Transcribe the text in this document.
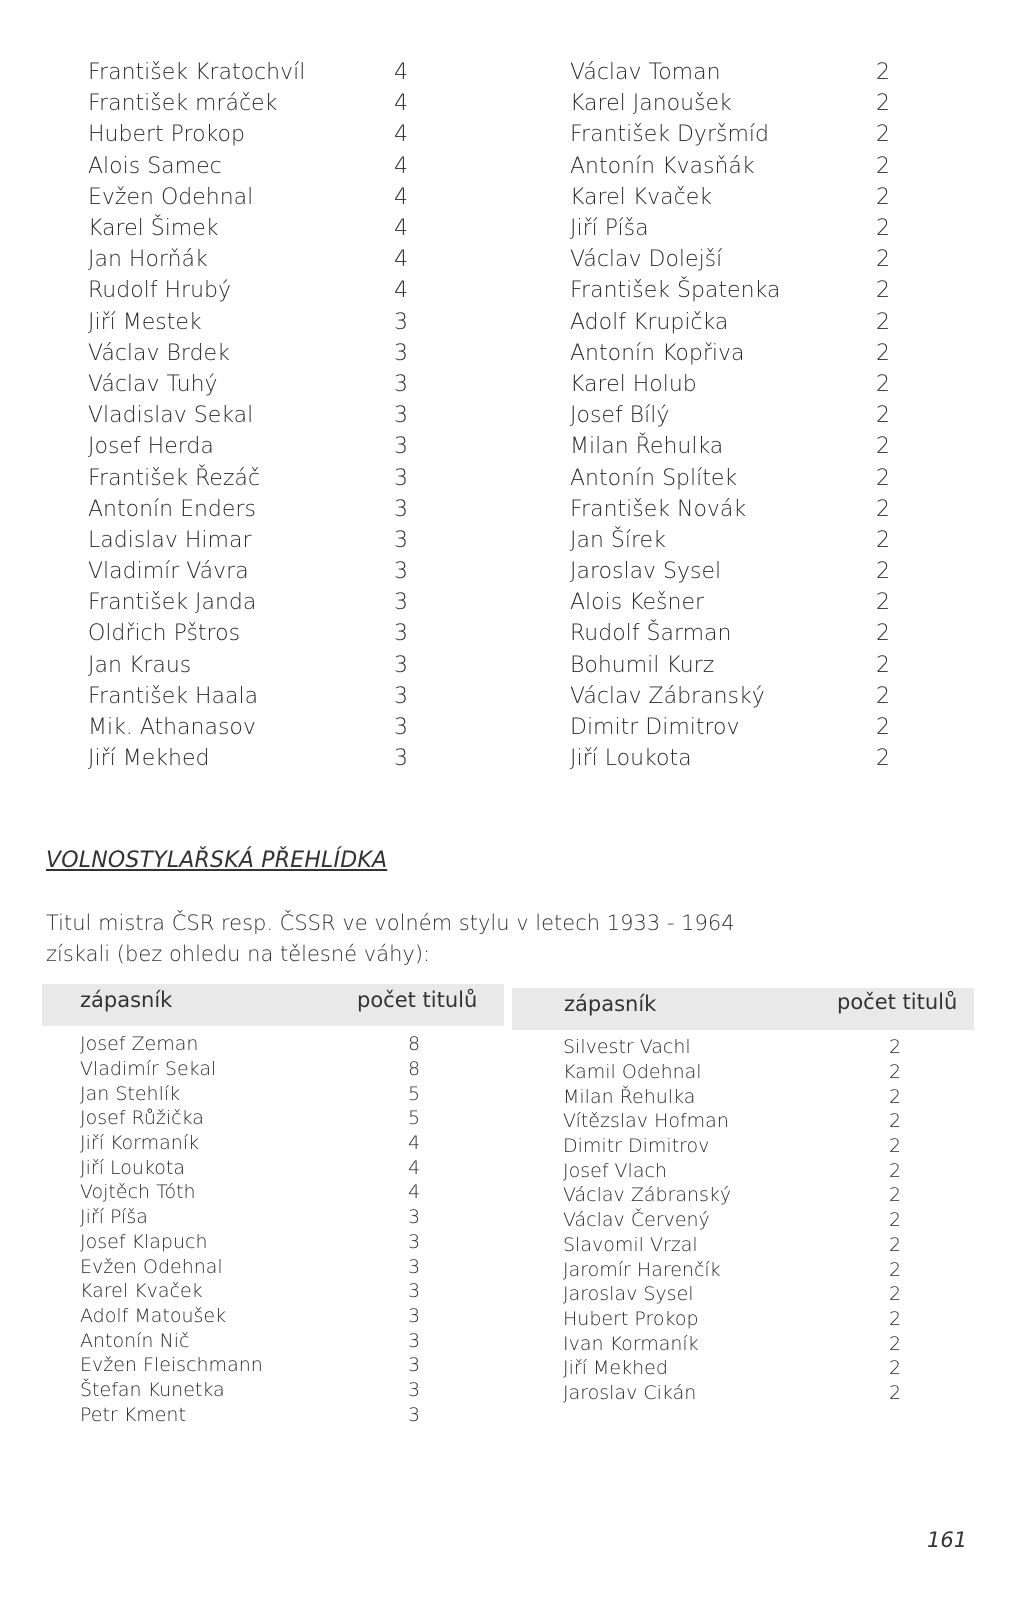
František Kratochvíl	4
František mráček	4
Hubert Prokop	4
Alois Samec	4
Evžen Odehnal	4
Karel Šimek	4
Jan Horňák	4
Rudolf Hrubý	4
Jiří Mestek	3
Václav Brdek	3
Václav Tuhý	3
Vladislav Sekal	3
Josef Herda	3
František Řezáč	3
Antonín Enders	3
Ladislav Himar	3
Vladimír Vávra	3
František Janda	3
Oldřich Pštros	3
Jan Kraus	3
František Haala	3
Mik. Athanasov	3
Jiří Mekhed	3
Václav Toman	2
Karel Janoušek	2
František Dyršmíd	2
Antonín Kvasňák	2
Karel Kvaček	2
Jiří Píša	2
Václav Dolejší	2
František Špatenka	2
Adolf Krupička	2
Antonín Kopřiva	2
Karel Holub	2
Josef Bílý	2
Milan Řehulka	2
Antonín Splítek	2
František Novák	2
Jan Šírek	2
Jaroslav Sysel	2
Alois Kešner	2
Rudolf Šarman	2
Bohumil Kurz	2
Václav Zábranský	2
Dimitr Dimitrov	2
Jiří Loukota	2
VOLNOSTYLAŘSKÁ PŘEHLÍDKA
Titul mistra ČSR resp. ČSSR ve volném stylu v letech 1933 - 1964
získali (bez ohledu na tělesné váhy):
zápasník	počet titulů	zápasník	počet titulů
Josef Zeman	8
Vladimír Sekal	8
Jan Stehlík	5
Josef Růžička	5
Jiří Kormaník	4
Jiří Loukota	4
Vojtěch Tóth	4
Jiří Píša	3
Josef Klapuch	3
Evžen Odehnal	3
Karel Kvaček	3
Adolf Matoušek	3
Antonín Nič	3
Evžen Fleischmann	3
Štefan Kunetka	3
Petr Kment	3
Silvestr Vachl	2
Kamil Odehnal	2
Milan Řehulka	2
Vítězslav Hofman	2
Dimitr Dimitrov	2
Josef Vlach	2
Václav Zábranský	2
Václav Červený	2
Slavomil Vrzal	2
Jaromír Harenčík	2
Jaroslav Sysel	2
Hubert Prokop	2
Ivan Kormaník	2
Jiří Mekhed	2
Jaroslav Cikán	2
161
